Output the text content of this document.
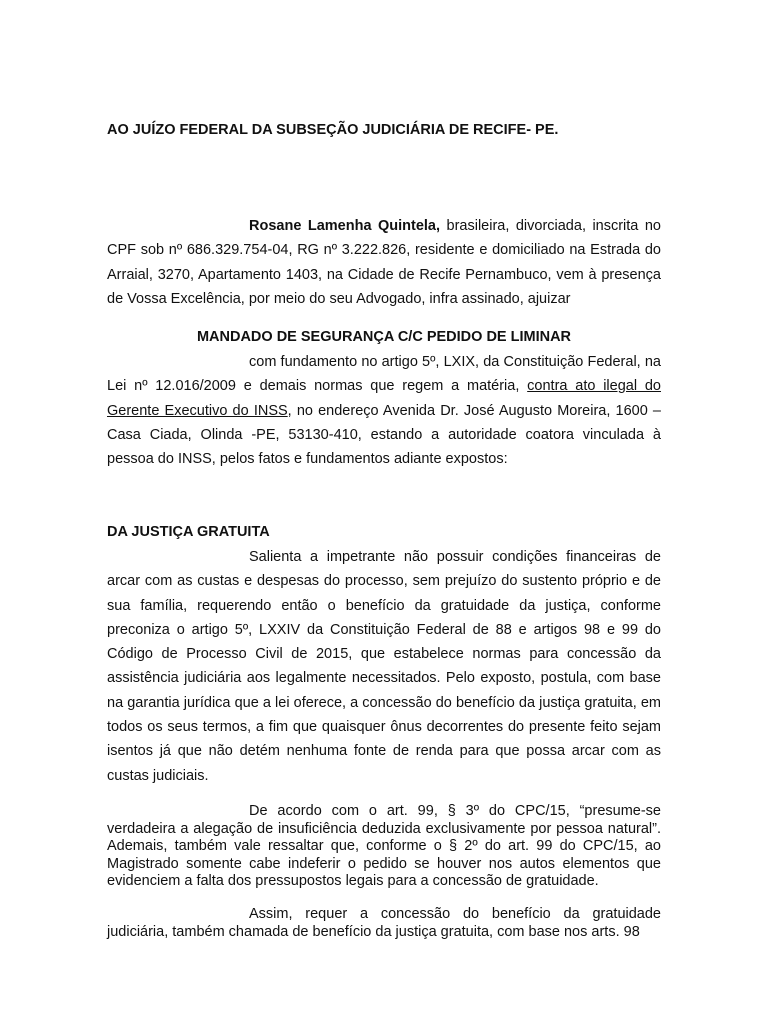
AO JUÍZO FEDERAL DA SUBSEÇÃO JUDICIÁRIA DE RECIFE- PE.

Rosane Lamenha Quintela, brasileira, divorciada, inscrita no CPF sob nº 686.329.754-04, RG nº 3.222.826, residente e domiciliado na Estrada do Arraial, 3270, Apartamento 1403, na Cidade de Recife Pernambuco, vem à presença de Vossa Excelência, por meio do seu Advogado, infra assinado, ajuizar

MANDADO DE SEGURANÇA C/C PEDIDO DE LIMINAR

com fundamento no artigo 5º, LXIX, da Constituição Federal, na Lei nº 12.016/2009 e demais normas que regem a matéria, contra ato ilegal do Gerente Executivo do INSS, no endereço Avenida Dr. José Augusto Moreira, 1600 – Casa Ciada, Olinda -PE, 53130-410, estando a autoridade coatora vinculada à pessoa do INSS, pelos fatos e fundamentos adiante expostos:

DA JUSTIÇA GRATUITA

Salienta a impetrante não possuir condições financeiras de arcar com as custas e despesas do processo, sem prejuízo do sustento próprio e de sua família, requerendo então o benefício da gratuidade da justiça, conforme preconiza o artigo 5º, LXXIV da Constituição Federal de 88 e artigos 98 e 99 do Código de Processo Civil de 2015, que estabelece normas para concessão da assistência judiciária aos legalmente necessitados. Pelo exposto, postula, com base na garantia jurídica que a lei oferece, a concessão do benefício da justiça gratuita, em todos os seus termos, a fim que quaisquer ônus decorrentes do presente feito sejam isentos já que não detém nenhuma fonte de renda para que possa arcar com as custas judiciais.

De acordo com o art. 99, § 3º do CPC/15, “presume-se verdadeira a alegação de insuficiência deduzida exclusivamente por pessoa natural”. Ademais, também vale ressaltar que, conforme o § 2º do art. 99 do CPC/15, ao Magistrado somente cabe indeferir o pedido se houver nos autos elementos que evidenciem a falta dos pressupostos legais para a concessão de gratuidade.

Assim, requer a concessão do benefício da gratuidade judiciária, também chamada de benefício da justiça gratuita, com base nos arts. 98
